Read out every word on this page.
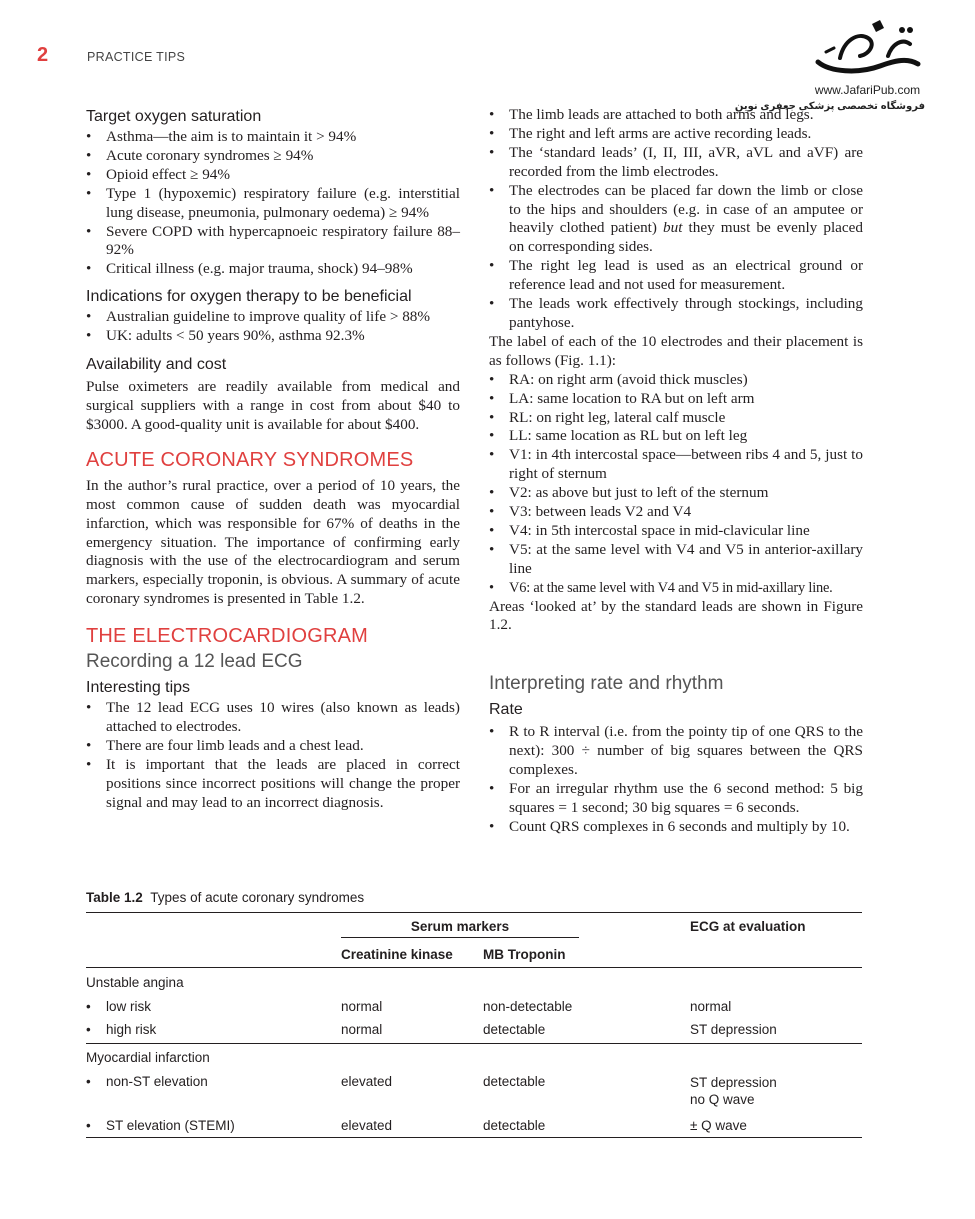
2	PRACTICE TIPS
www.JafariPub.com
فروشگاه تخصصی پزشکی جعفری نوین
Target oxygen saturation
• Asthma—the aim is to maintain it > 94%
• Acute coronary syndromes ≥ 94%
• Opioid effect ≥ 94%
• Type 1 (hypoxemic) respiratory failure (e.g. interstitial lung disease, pneumonia, pulmonary oedema) ≥ 94%
• Severe COPD with hypercapnoeic respiratory failure 88–92%
• Critical illness (e.g. major trauma, shock) 94–98%
Indications for oxygen therapy to be beneficial
• Australian guideline to improve quality of life > 88%
• UK: adults < 50 years 90%, asthma 92.3%
Availability and cost

Pulse oximeters are readily available from medical and surgical suppliers with a range in cost from about $40 to $3000. A good-quality unit is available for about $400.

ACUTE CORONARY SYNDROMES

In the author’s rural practice, over a period of 10 years, the most common cause of sudden death was myocardial infarction, which was responsible for 67% of deaths in the emergency situation. The importance of confirming early diagnosis with the use of the electrocardiogram and serum markers, especially troponin, is obvious. A summary of acute coronary syndromes is presented in Table 1.2.

THE ELECTROCARDIOGRAM
Recording a 12 lead ECG
Interesting tips
• The 12 lead ECG uses 10 wires (also known as leads) attached to electrodes.
• There are four limb leads and a chest lead.
• It is important that the leads are placed in correct positions since incorrect positions will change the proper signal and may lead to an incorrect diagnosis.
• The limb leads are attached to both arms and legs.
• The right and left arms are active recording leads.
• The ‘standard leads’ (I, II, III, aVR, aVL and aVF) are recorded from the limb electrodes.
• The electrodes can be placed far down the limb or close to the hips and shoulders (e.g. in case of an amputee or heavily clothed patient) but they must be evenly placed on corresponding sides.
• The right leg lead is used as an electrical ground or reference lead and not used for measurement.
• The leads work effectively through stockings, including pantyhose.

The label of each of the 10 electrodes and their placement is as follows (Fig. 1.1):

• RA: on right arm (avoid thick muscles)
• LA: same location to RA but on left arm
• RL: on right leg, lateral calf muscle
• LL: same location as RL but on left leg
• V1: in 4th intercostal space—between ribs 4 and 5, just to right of sternum
• V2: as above but just to left of the sternum
• V3: between leads V2 and V4
• V4: in 5th intercostal space in mid-clavicular line
• V5: at the same level with V4 and V5 in anterior-axillary line
• V6: at the same level with V4 and V5 in mid-axillary line.

Areas ‘looked at’ by the standard leads are shown in Figure 1.2.

Interpreting rate and rhythm
Rate
• R to R interval (i.e. from the pointy tip of one QRS to the next): 300 ÷ number of big squares between the QRS complexes.
• For an irregular rhythm use the 6 second method: 5 big squares = 1 second; 30 big squares = 6 seconds.
• Count QRS complexes in 6 seconds and multiply by 10.
Table 1.2 Types of acute coronary syndromes

	Serum markers		ECG at evaluation
	Creatinine kinase	MB Troponin	
Unstable angina			
• low risk	normal	non-detectable	normal
• high risk	normal	detectable	ST depression
Myocardial infarction			
• non-ST elevation	elevated	detectable	ST depression
no Q wave

• ST elevation (STEMI)	elevated	detectable	± Q wave
